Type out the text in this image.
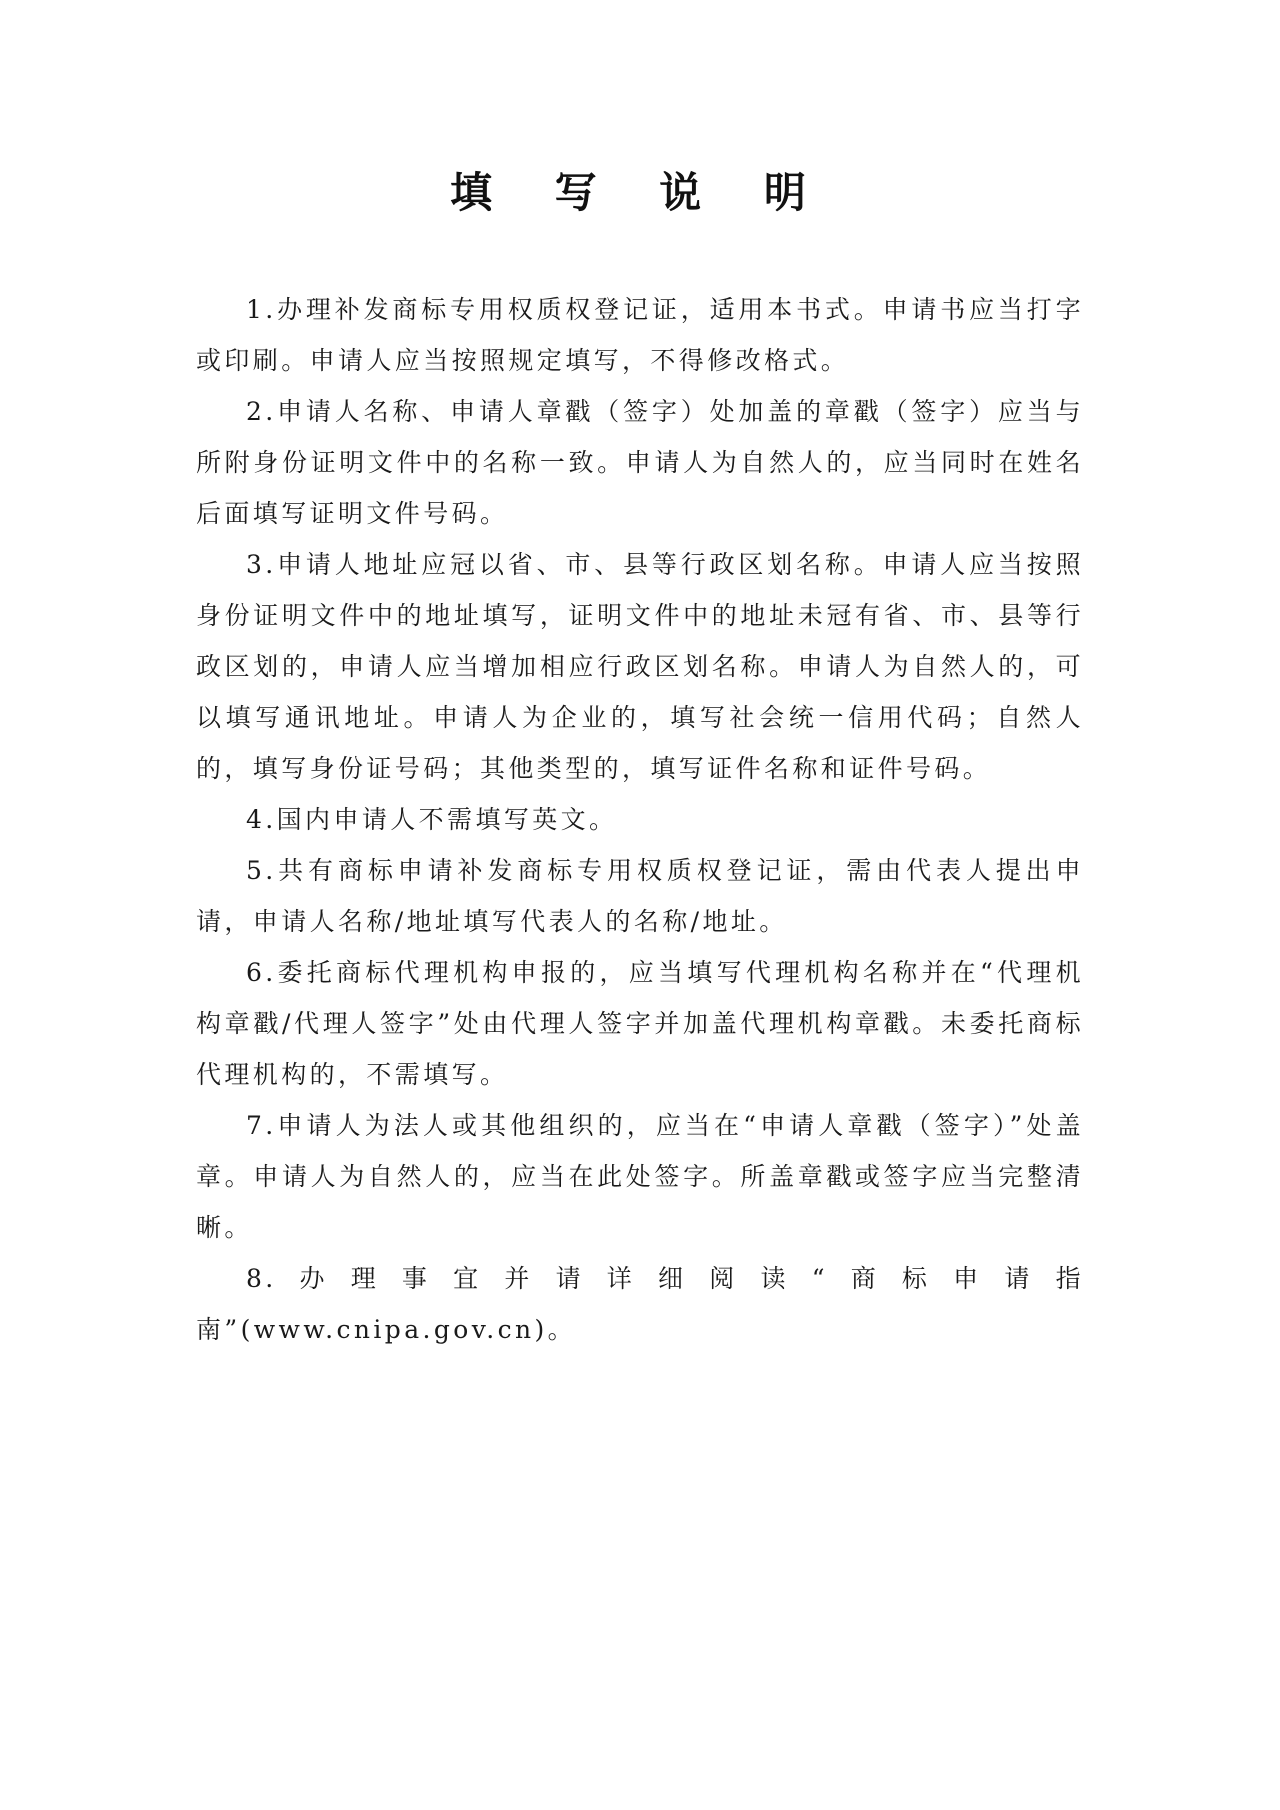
填 写 说 明

1.办理补发商标专用权质权登记证，适用本书式。申请书应当打字或印刷。申请人应当按照规定填写，不得修改格式。

2.申请人名称、申请人章戳（签字）处加盖的章戳（签字）应当与所附身份证明文件中的名称一致。申请人为自然人的，应当同时在姓名后面填写证明文件号码。

3.申请人地址应冠以省、市、县等行政区划名称。申请人应当按照身份证明文件中的地址填写，证明文件中的地址未冠有省、市、县等行政区划的，申请人应当增加相应行政区划名称。申请人为自然人的，可以填写通讯地址。申请人为企业的，填写社会统一信用代码；自然人的，填写身份证号码；其他类型的，填写证件名称和证件号码。

4.国内申请人不需填写英文。

5.共有商标申请补发商标专用权质权登记证，需由代表人提出申请，申请人名称/地址填写代表人的名称/地址。

6.委托商标代理机构申报的，应当填写代理机构名称并在“代理机构章戳/代理人签字”处由代理人签字并加盖代理机构章戳。未委托商标代理机构的，不需填写。

7.申请人为法人或其他组织的，应当在“申请人章戳（签字）”处盖章。申请人为自然人的，应当在此处签字。所盖章戳或签字应当完整清晰。

8.办理事宜并请详细阅读“商标申请指南”(www.cnipa.gov.cn)。
